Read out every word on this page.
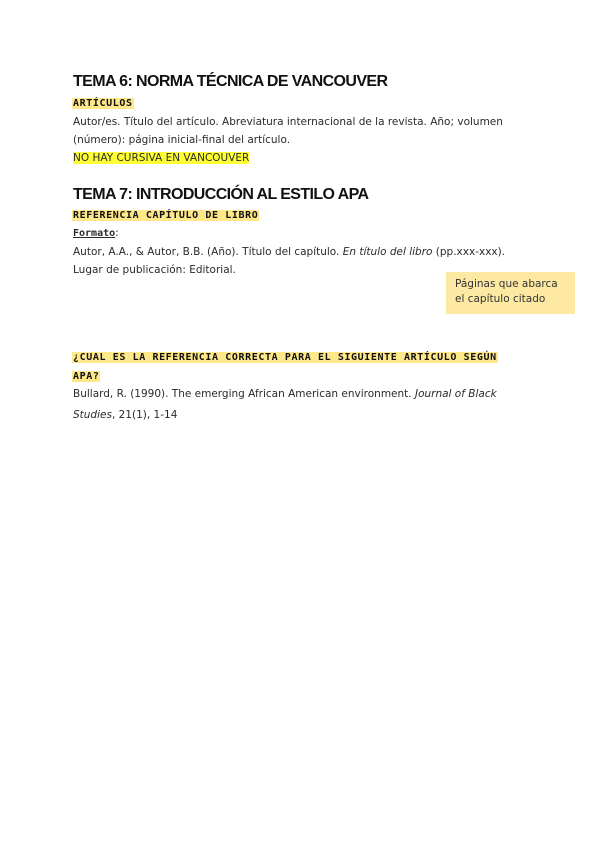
TEMA 6: NORMA TÉCNICA DE VANCOUVER
ARTÍCULOS
Autor/es. Título del artículo. Abreviatura internacional de la revista. Año; volumen
(número): página inicial-final del artículo.
NO HAY CURSIVA EN VANCOUVER
TEMA 7: INTRODUCCIÓN AL ESTILO APA
REFERENCIA CAPÍTULO DE LIBRO
Formato:
Autor, A.A., & Autor, B.B. (Año). Título del capítulo. En título del libro (pp.xxx-xxx).
Lugar de publicación: Editorial.
Páginas que abarca
el capítulo citado
¿CUAL ES LA REFERENCIA CORRECTA PARA EL SIGUIENTE ARTÍCULO SEGÚN
APA?
Bullard, R. (1990). The emerging African American environment. Journal of Black
Studies, 21(1), 1-14
